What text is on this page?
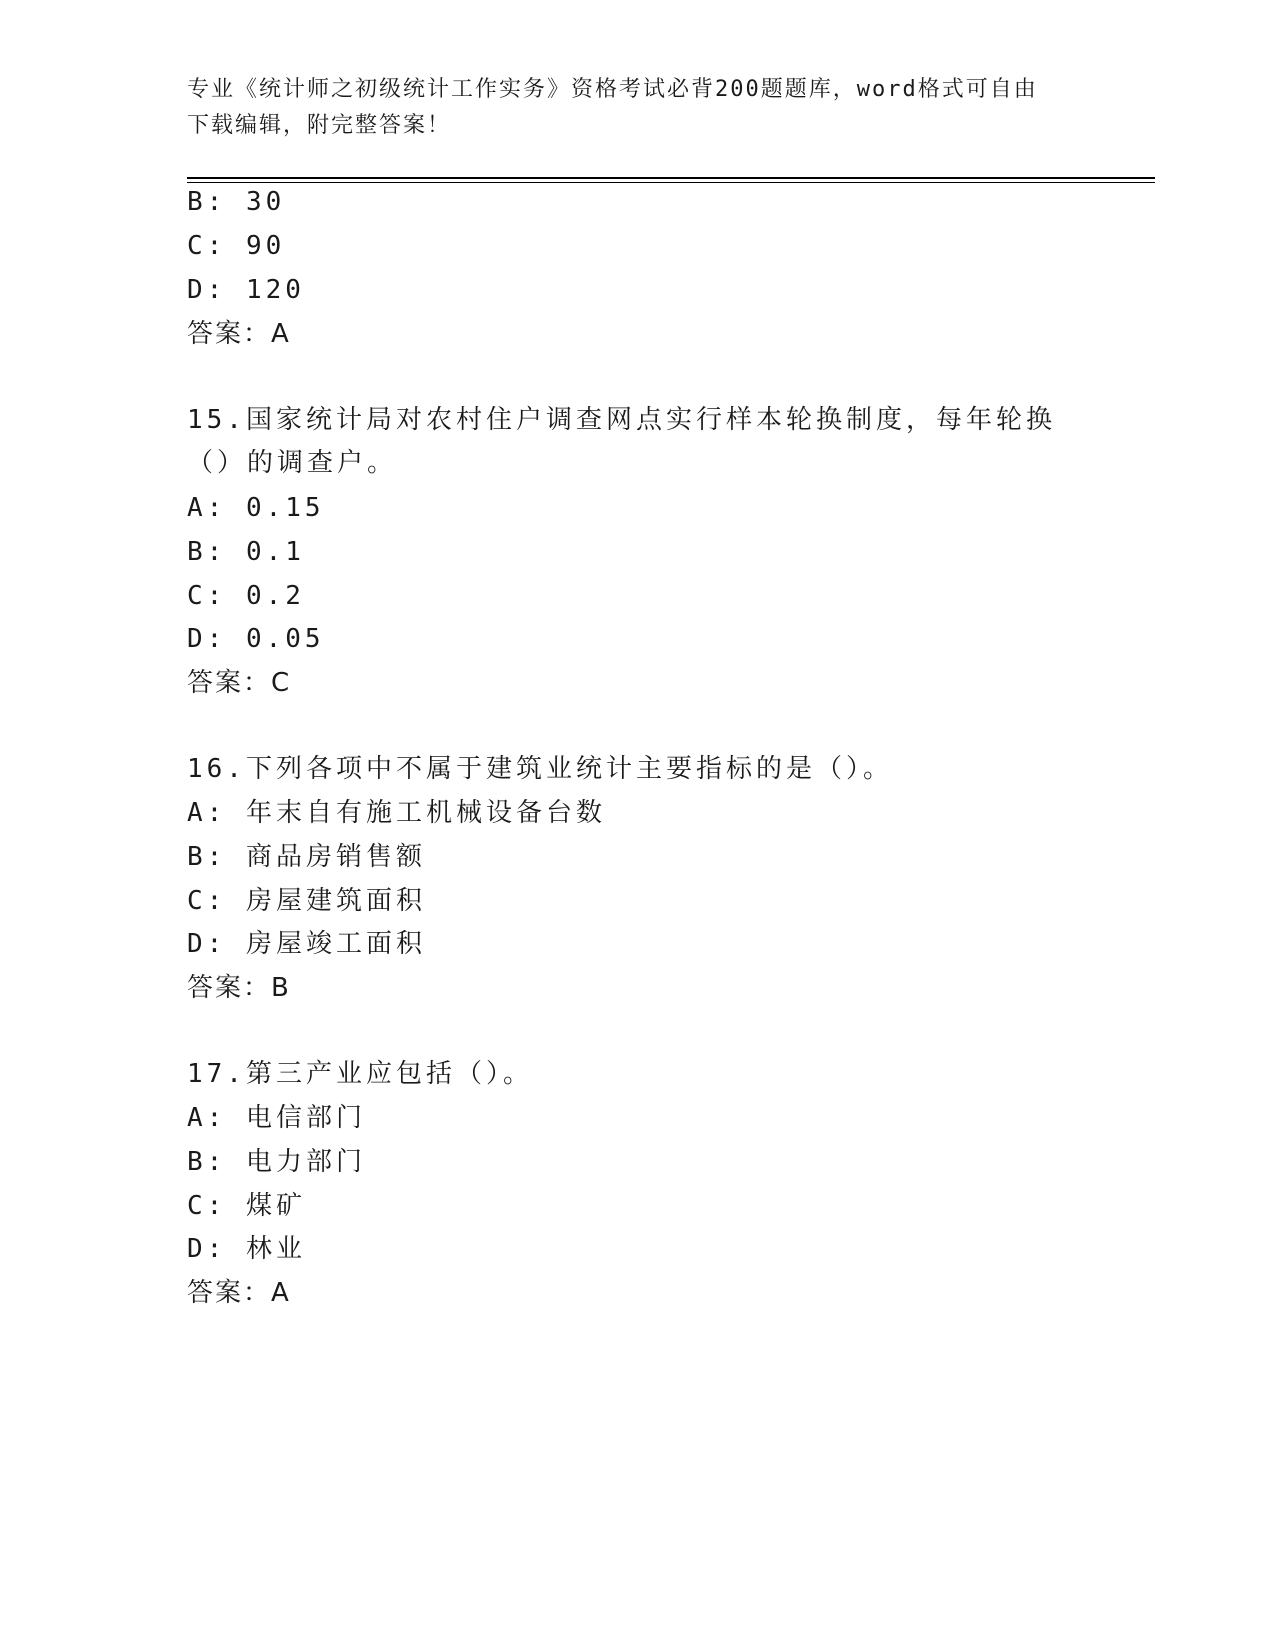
专业《统计师之初级统计工作实务》资格考试必背200题题库，word格式可自由
下载编辑，附完整答案！
B: 30
C: 90
D: 120
答案：A
15.国家统计局对农村住户调查网点实行样本轮换制度，每年轮换（）的调查户。
A: 0.15
B: 0.1
C: 0.2
D: 0.05
答案：C
16.下列各项中不属于建筑业统计主要指标的是（）。
A: 年末自有施工机械设备台数
B: 商品房销售额
C: 房屋建筑面积
D: 房屋竣工面积
答案：B
17.第三产业应包括（）。
A: 电信部门
B: 电力部门
C: 煤矿
D: 林业
答案：A
